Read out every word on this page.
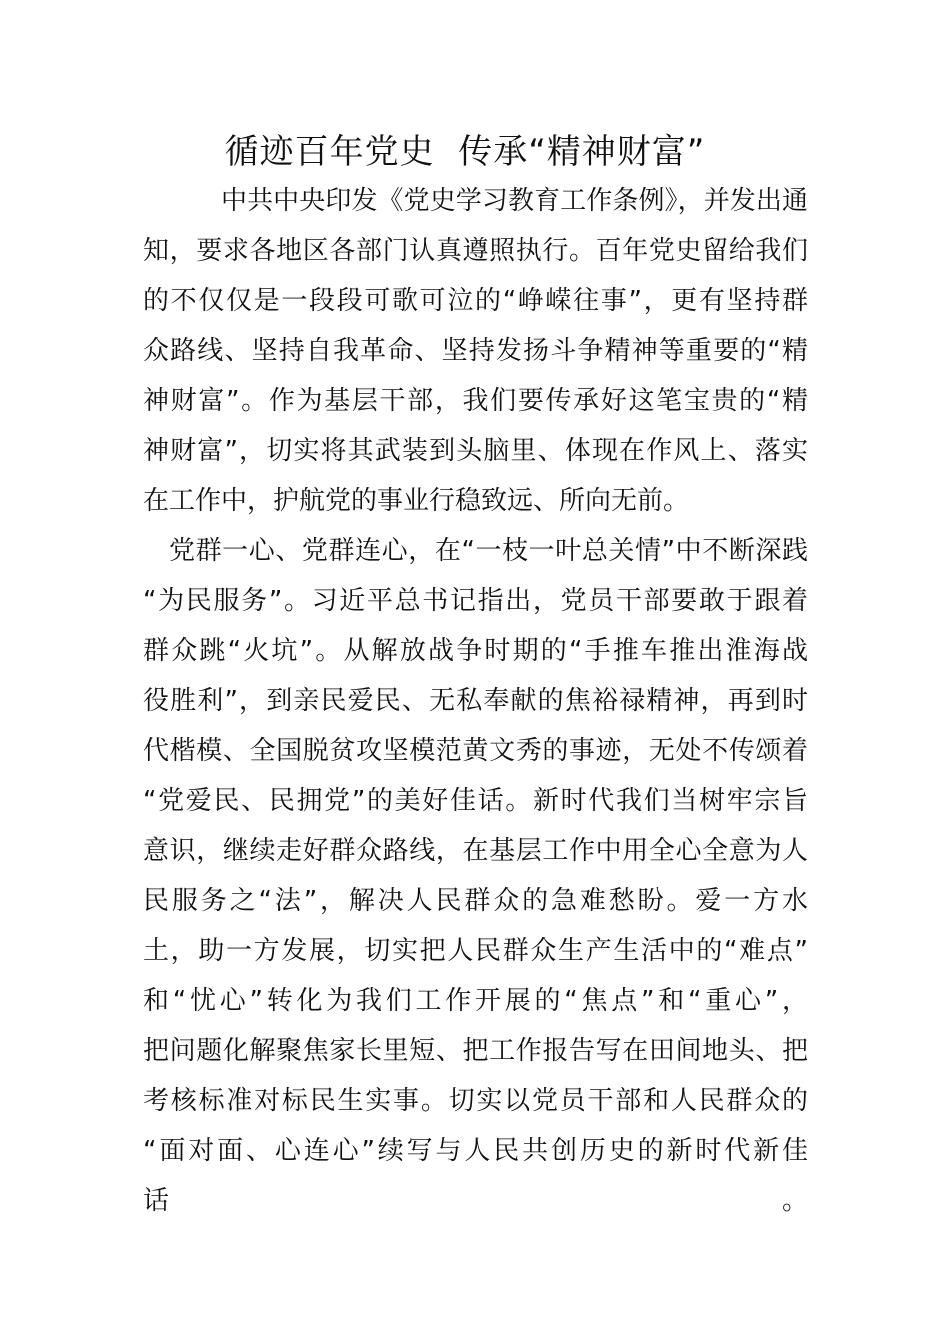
循迹百年党史  传承“精神财富”
中共中央印发《党史学习教育工作条例》，并发出通
知，要求各地区各部门认真遵照执行。百年党史留给我们
的不仅仅是一段段可歌可泣的“峥嵘往事”，更有坚持群
众路线、坚持自我革命、坚持发扬斗争精神等重要的“精
神财富”。作为基层干部，我们要传承好这笔宝贵的“精
神财富”，切实将其武装到头脑里、体现在作风上、落实
在工作中，护航党的事业行稳致远、所向无前。
党群一心、党群连心，在“一枝一叶总关情”中不断深践
“为民服务”。习近平总书记指出，党员干部要敢于跟着
群众跳“火坑”。从解放战争时期的“手推车推出淮海战
役胜利”，到亲民爱民、无私奉献的焦裕禄精神，再到时
代楷模、全国脱贫攻坚模范黄文秀的事迹，无处不传颂着
“党爱民、民拥党”的美好佳话。新时代我们当树牢宗旨
意识，继续走好群众路线，在基层工作中用全心全意为人
民服务之“法”，解决人民群众的急难愁盼。爱一方水
土，助一方发展，切实把人民群众生产生活中的“难点”
和“忧心”转化为我们工作开展的“焦点”和“重心”，
把问题化解聚焦家长里短、把工作报告写在田间地头、把
考核标准对标民生实事。切实以党员干部和人民群众的
“面对面、心连心”续写与人民共创历史的新时代新佳
话。
